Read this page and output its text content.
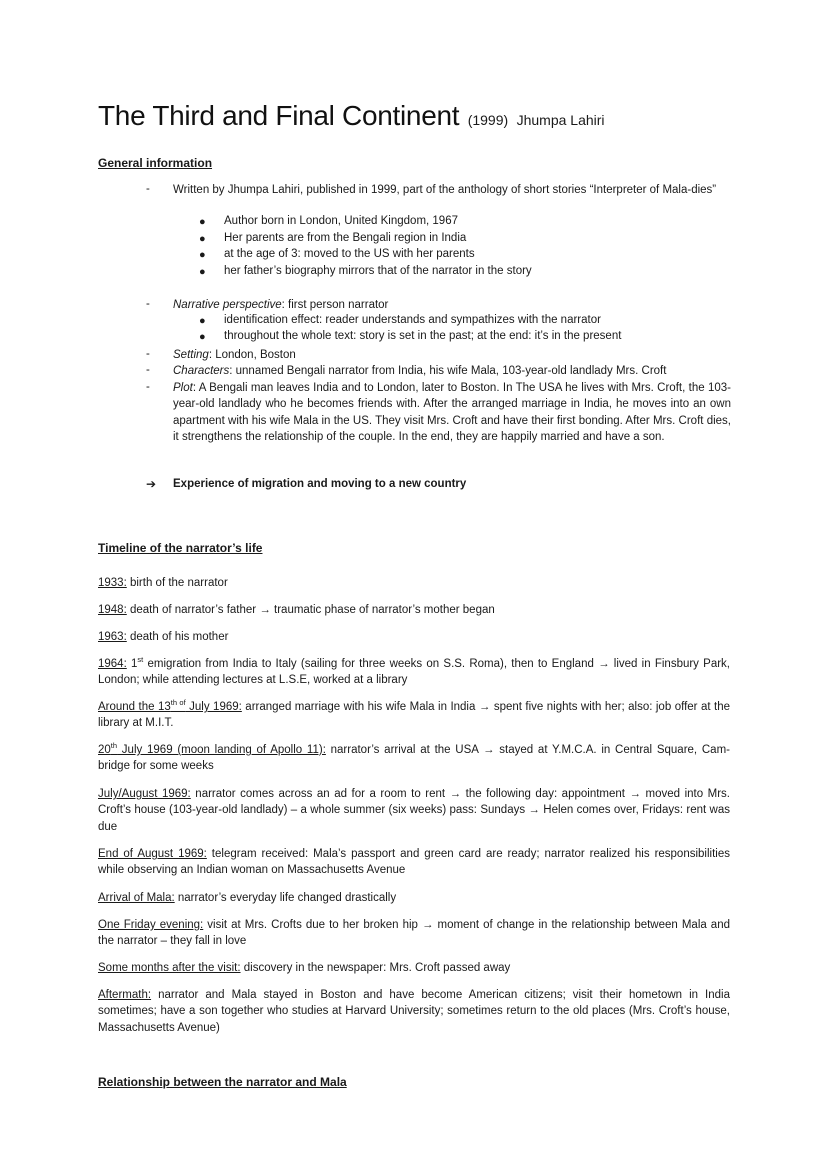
The Third and Final Continent (1999) Jhumpa Lahiri
General information
- Written by Jhumpa Lahiri, published in 1999, part of the anthology of short stories “Interpreter of Mala-dies”
● Author born in London, United Kingdom, 1967
● Her parents are from the Bengali region in India
● at the age of 3: moved to the US with her parents
● her father’s biography mirrors that of the narrator in the story
- Narrative perspective: first person narrator
● identification effect: reader understands and sympathizes with the narrator
● throughout the whole text: story is set in the past; at the end: it’s in the present
- Setting: London, Boston
- Characters: unnamed Bengali narrator from India, his wife Mala, 103-year-old landlady Mrs. Croft
- Plot: A Bengali man leaves India and to London, later to Boston. In The USA he lives with Mrs. Croft, the 103-year-old landlady who he becomes friends with. After the arranged marriage in India, he moves into an own apartment with his wife Mala in the US. They visit Mrs. Croft and have their first bonding. After Mrs. Croft dies, it strengthens the relationship of the couple. In the end, they are happily married and have a son.
➔ Experience of migration and moving to a new country
Timeline of the narrator’s life
1933: birth of the narrator
1948: death of narrator’s father → traumatic phase of narrator’s mother began
1963: death of his mother
1964: 1st emigration from India to Italy (sailing for three weeks on S.S. Roma), then to England → lived in Finsbury Park, London; while attending lectures at L.S.E, worked at a library
Around the $13^{th of}$ July 1969: arranged marriage with his wife Mala in India → spent five nights with her; also: job offer at the library at M.I.T.
20th July 1969 (moon landing of Apollo 11): narrator’s arrival at the USA → stayed at Y.M.C.A. in Central Square, Cam-bridge for some weeks
July/August 1969: narrator comes across an ad for a room to rent → the following day: appointment → moved into Mrs. Croft’s house (103-year-old landlady) – a whole summer (six weeks) pass: Sundays → Helen comes over, Fridays: rent was due
End of August 1969: telegram received: Mala’s passport and green card are ready; narrator realized his responsibilities while observing an Indian woman on Massachusetts Avenue
Arrival of Mala: narrator’s everyday life changed drastically
One Friday evening: visit at Mrs. Crofts due to her broken hip → moment of change in the relationship between Mala and the narrator – they fall in love
Some months after the visit: discovery in the newspaper: Mrs. Croft passed away
Aftermath: narrator and Mala stayed in Boston and have become American citizens; visit their hometown in India sometimes; have a son together who studies at Harvard University; sometimes return to the old places (Mrs. Croft’s house, Massachusetts Avenue)
Relationship between the narrator and Mala
